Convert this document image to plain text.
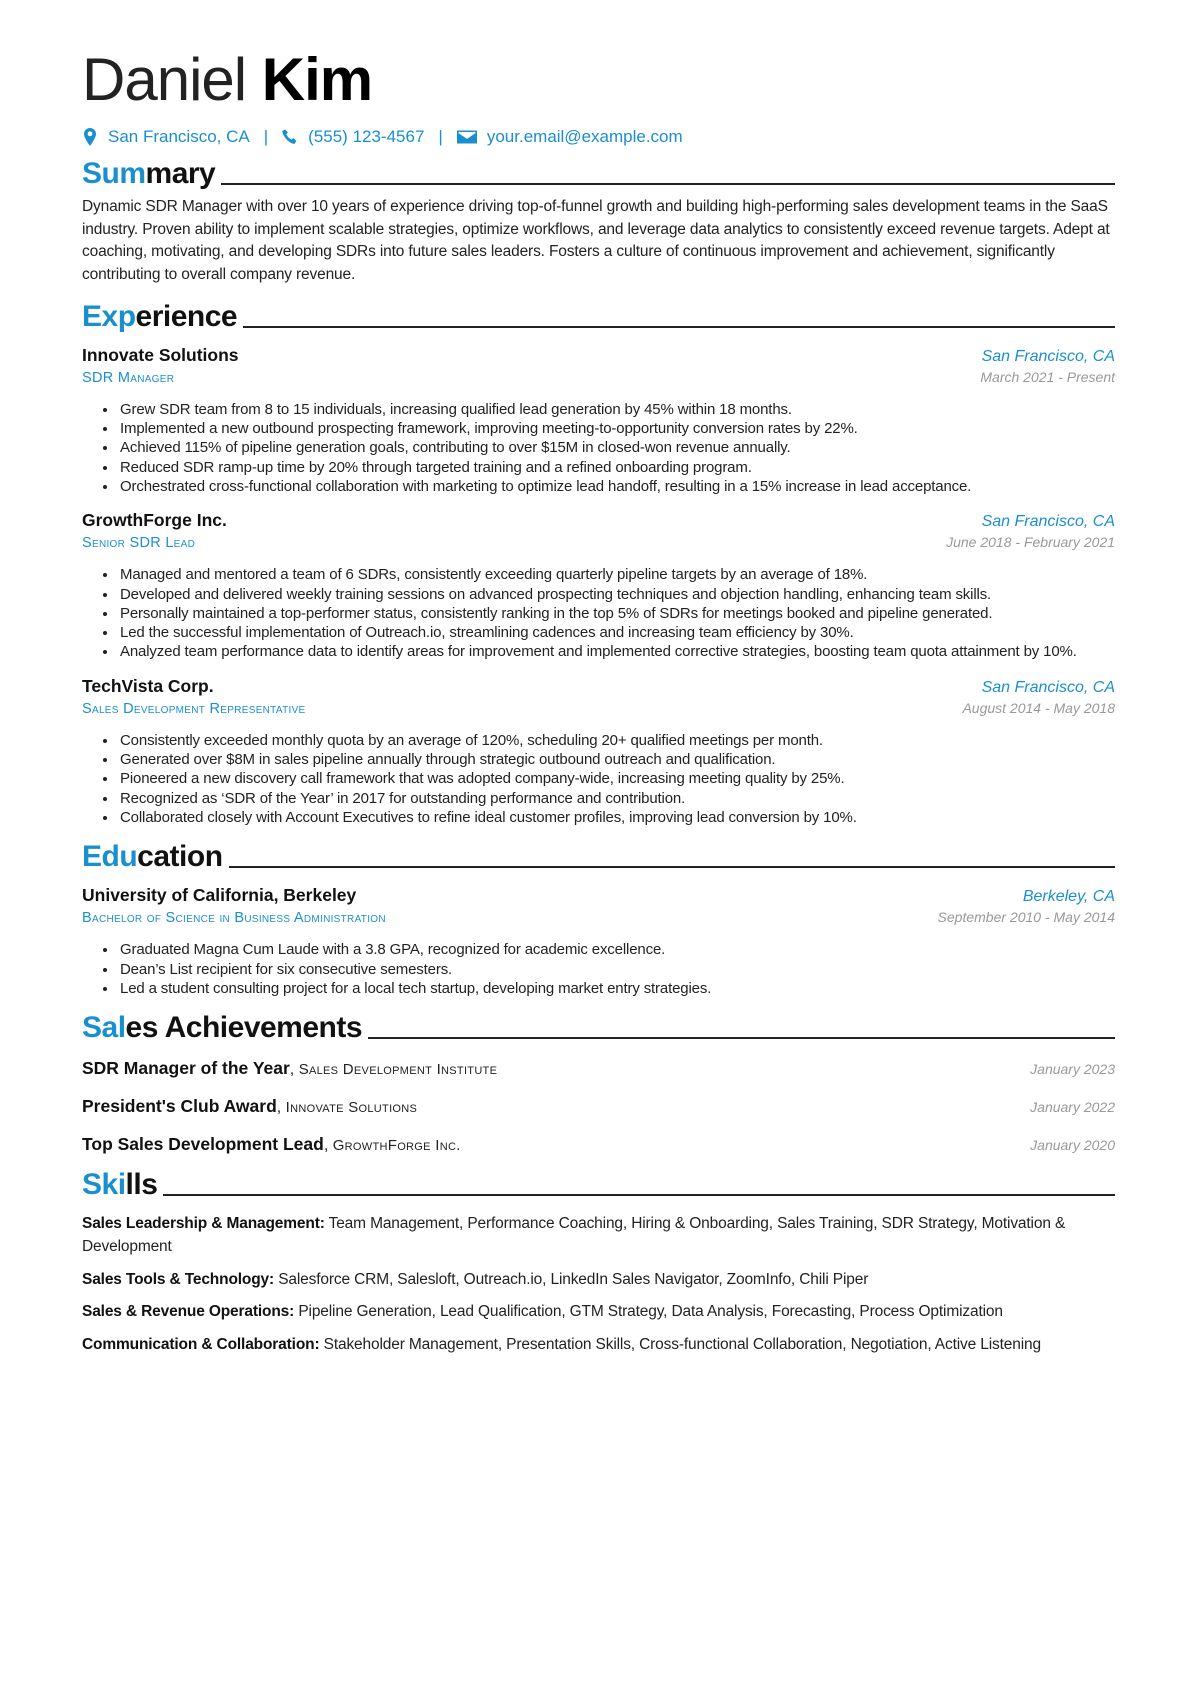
Daniel Kim
San Francisco, CA | (555) 123-4567 |	your.email@example.com
Summary
Dynamic SDR Manager with over 10 years of experience driving top-of-funnel growth and building high-performing sales development teams in the SaaS industry. Proven ability to implement scalable strategies, optimize workflows, and leverage data analytics to consistently exceed revenue targets. Adept at coaching, motivating, and developing SDRs into future sales leaders. Fosters a culture of continuous improvement and achievement, significantly contributing to overall company revenue.
Experience
Innovate Solutions	San Francisco, CA
SDR Manager	March 2021 - Present
• Grew SDR team from 8 to 15 individuals, increasing qualified lead generation by 45% within 18 months.
• Implemented a new outbound prospecting framework, improving meeting-to-opportunity conversion rates by 22%.
• Achieved 115% of pipeline generation goals, contributing to over $15M in closed-won revenue annually.
• Reduced SDR ramp-up time by 20% through targeted training and a refined onboarding program.
• Orchestrated cross-functional collaboration with marketing to optimize lead handoff, resulting in a 15% increase in lead acceptance.
GrowthForge Inc.	San Francisco, CA
Senior SDR Lead	June 2018 - February 2021
• Managed and mentored a team of 6 SDRs, consistently exceeding quarterly pipeline targets by an average of 18%.
• Developed and delivered weekly training sessions on advanced prospecting techniques and objection handling, enhancing team skills.
• Personally maintained a top-performer status, consistently ranking in the top 5% of SDRs for meetings booked and pipeline generated.
• Led the successful implementation of Outreach.io, streamlining cadences and increasing team efficiency by 30%.
• Analyzed team performance data to identify areas for improvement and implemented corrective strategies, boosting team quota attainment by 10%.
TechVista Corp.	San Francisco, CA
Sales Development Representative	August 2014 - May 2018
• Consistently exceeded monthly quota by an average of 120%, scheduling 20+ qualified meetings per month.
• Generated over $8M in sales pipeline annually through strategic outbound outreach and qualification.
• Pioneered a new discovery call framework that was adopted company-wide, increasing meeting quality by 25%.
• Recognized as ‘SDR of the Year’ in 2017 for outstanding performance and contribution.
• Collaborated closely with Account Executives to refine ideal customer profiles, improving lead conversion by 10%.
Education
University of California, Berkeley	Berkeley, CA
Bachelor of Science in Business Administration	September 2010 - May 2014
• Graduated Magna Cum Laude with a 3.8 GPA, recognized for academic excellence.
• Dean’s List recipient for six consecutive semesters.
• Led a student consulting project for a local tech startup, developing market entry strategies.
Sales Achievements
SDR Manager of the Year, Sales Development Institute	January 2023
President's Club Award, Innovate Solutions	January 2022
Top Sales Development Lead, GrowthForge Inc.	January 2020
Skills
Sales Leadership & Management: Team Management, Performance Coaching, Hiring & Onboarding, Sales Training, SDR Strategy, Motivation & Development
Sales Tools & Technology: Salesforce CRM, Salesloft, Outreach.io, LinkedIn Sales Navigator, ZoomInfo, Chili Piper
Sales & Revenue Operations: Pipeline Generation, Lead Qualification, GTM Strategy, Data Analysis, Forecasting, Process Optimization
Communication & Collaboration: Stakeholder Management, Presentation Skills, Cross-functional Collaboration, Negotiation, Active Listening
